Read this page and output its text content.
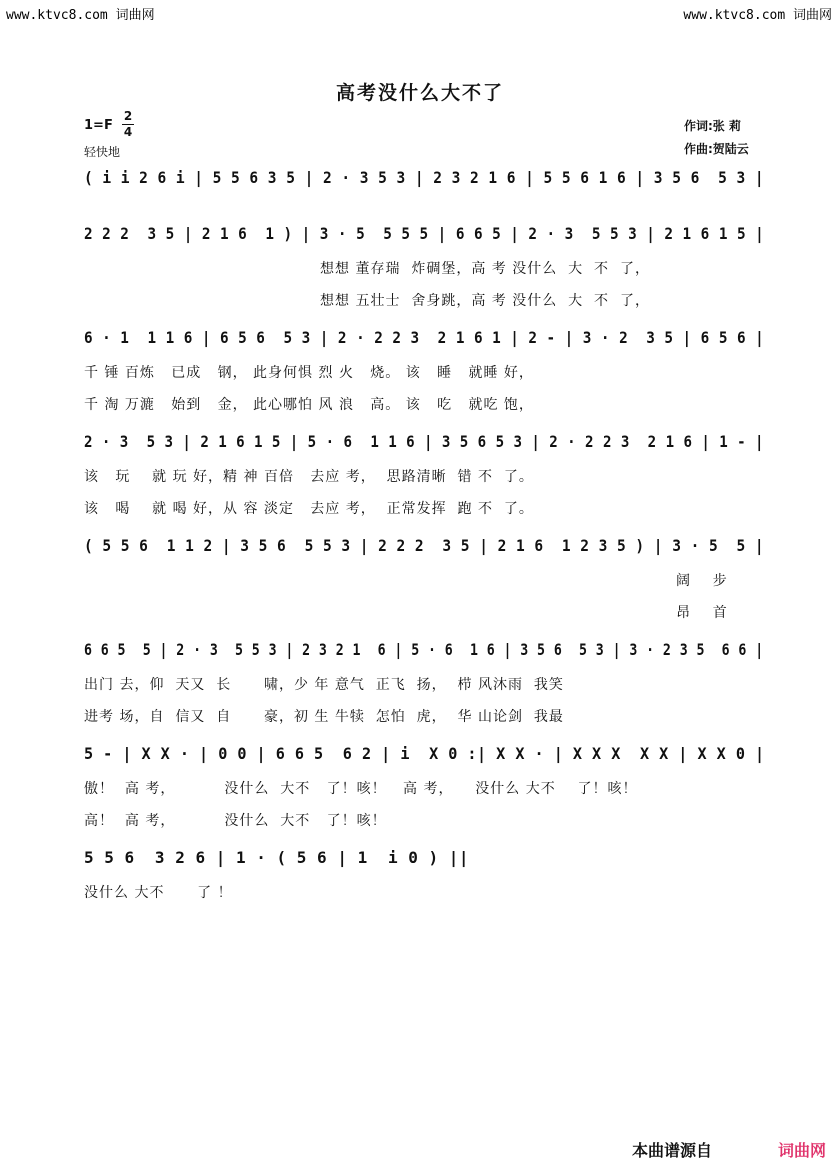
www.ktvc8.com 词曲网	www.ktvc8.com 词曲网
高考没什么大不了
1=F
2
4
轻快地
作词:张 莉
作曲:贺陆云
( i i 2 6 i | 5 5 6 3 5 | 2 · 3 5 3 | 2 3 2 1 6 | 5 5 6 1 6 | 3 5 6  5 3 |
2 2 2  3 5 | 2 1 6  1 ) | 3 · 5  5 5 5 | 6 6 5 | 2 · 3  5 5 3 | 2 1 6 1 5 |
想想 董存瑞  炸碉堡，高 考 没什么  大  不  了，
想想 五壮士  舍身跳，高 考 没什么  大  不  了，
6 · 1  1 1 6 | 6 5 6  5 3 | 2 · 2 2 3  2 1 6 1 | 2 - | 3 · 2  3 5 | 6 5 6 |
千 锤 百炼   已成   钢， 此身何惧 烈 火   烧。 该   睡   就睡 好，
千 淘 万漉   始到   金， 此心哪怕 风 浪   高。 该   吃   就吃 饱，
2 · 3  5 3 | 2 1 6 1 5 | 5 · 6  1 1 6 | 3 5 6 5 3 | 2 · 2 2 3  2 1 6 | 1 - |
该   玩    就 玩 好，精 神 百倍   去应 考，  思路清晰  错 不  了。
该   喝    就 喝 好，从 容 淡定   去应 考，  正常发挥  跑 不  了。
( 5 5 6  1 1 2 | 3 5 6  5 5 3 | 2 2 2  3 5 | 2 1 6  1 2 3 5 ) | 3 · 5  5 |
阔    步
昂    首
6 6 5  5 | 2 · 3  5 5 3 | 2 3 2 1  6 | 5 · 6  1 6 | 3 5 6  5 3 | 3 · 2 3 5  6 6 |
出门 去，仰  天又  长      啸，少 年 意气  正飞  扬，  栉 风沐雨  我笑
进考 场，自  信又  自      豪，初 生 牛犊  怎怕  虎，  华 山论剑  我最
5 - | X X · | 0 0 | 6 6 5  6 2 | i  X 0 :| X X · | X X X  X X | X X 0 |
傲！  高 考，         没什么  大不   了！咳！   高 考，    没什么 大不    了！咳！
高！  高 考，         没什么  大不   了！咳！
5 5 6  3 2 6 | 1 · ( 5 6 | 1  i 0 ) ||
没什么 大不      了 ！
本曲谱源自	词曲网
